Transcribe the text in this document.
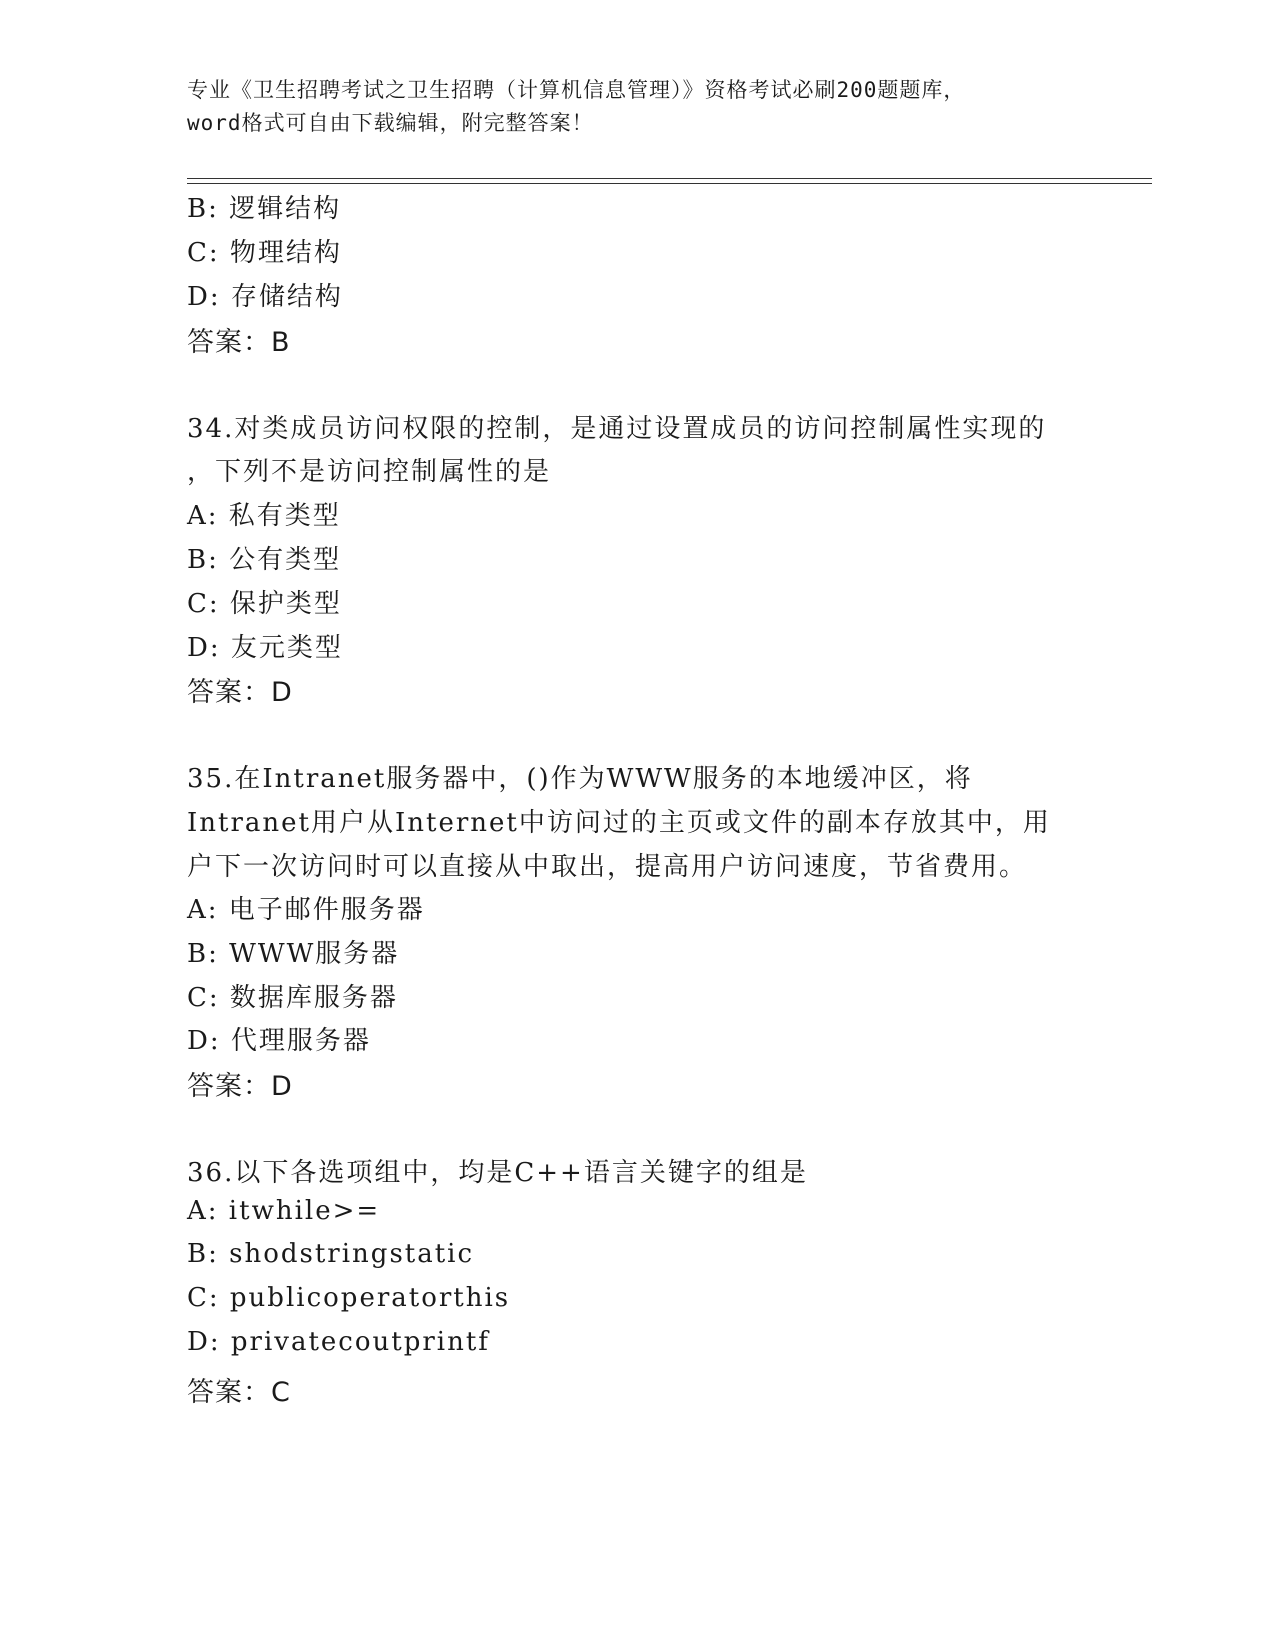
专业《卫生招聘考试之卫生招聘（计算机信息管理）》资格考试必刷200题题库，
word格式可自由下载编辑，附完整答案！
B: 逻辑结构
C: 物理结构
D: 存储结构
答案：B
34.对类成员访问权限的控制，是通过设置成员的访问控制属性实现的
，下列不是访问控制属性的是
A: 私有类型
B: 公有类型
C: 保护类型
D: 友元类型
答案：D
35.在Intranet服务器中，()作为WWW服务的本地缓冲区，将
Intranet用户从Internet中访问过的主页或文件的副本存放其中，用
户下一次访问时可以直接从中取出，提高用户访问速度，节省费用。
A: 电子邮件服务器
B: WWW服务器
C: 数据库服务器
D: 代理服务器
答案：D
36.以下各选项组中，均是C++语言关键字的组是
A: itwhile>=
B: shodstringstatic
C: publicoperatorthis
D: privatecoutprintf
答案：C
